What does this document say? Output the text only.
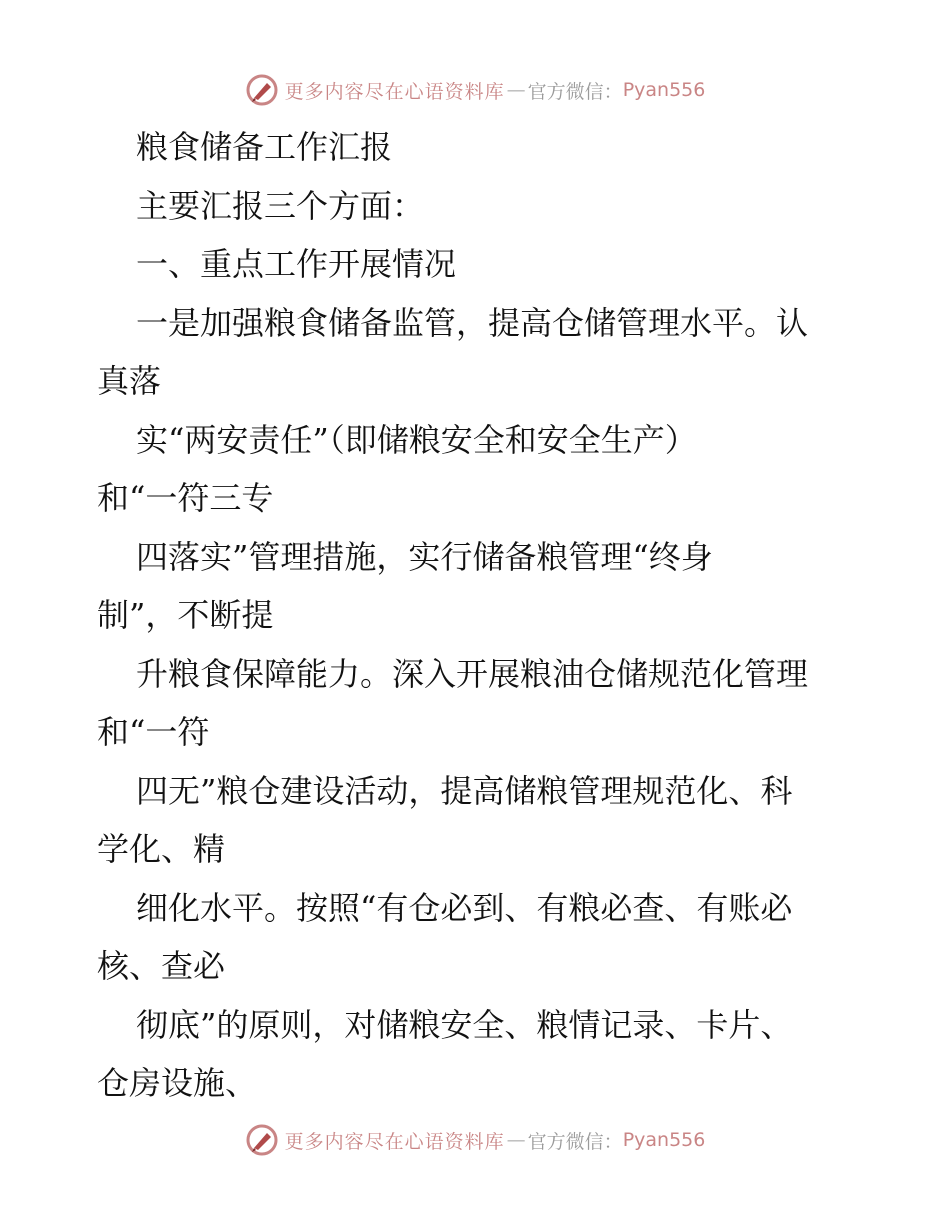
更多内容尽在心语资料库 — 官方微信： Pyan556
粮食储备工作汇报
主要汇报三个方面：
一、重点工作开展情况
一是加强粮食储备监管，提高仓储管理水平。认
真落
实“两安责任”（即储粮安全和安全生产）
和“一符三专
四落实”管理措施，实行储备粮管理“终身
制”，不断提
升粮食保障能力。深入开展粮油仓储规范化管理
和“一符
四无”粮仓建设活动，提高储粮管理规范化、科
学化、精
细化水平。按照“有仓必到、有粮必查、有账必
核、查必
彻底”的原则，对储粮安全、粮情记录、卡片、
仓房设施、
更多内容尽在心语资料库 — 官方微信： Pyan556
